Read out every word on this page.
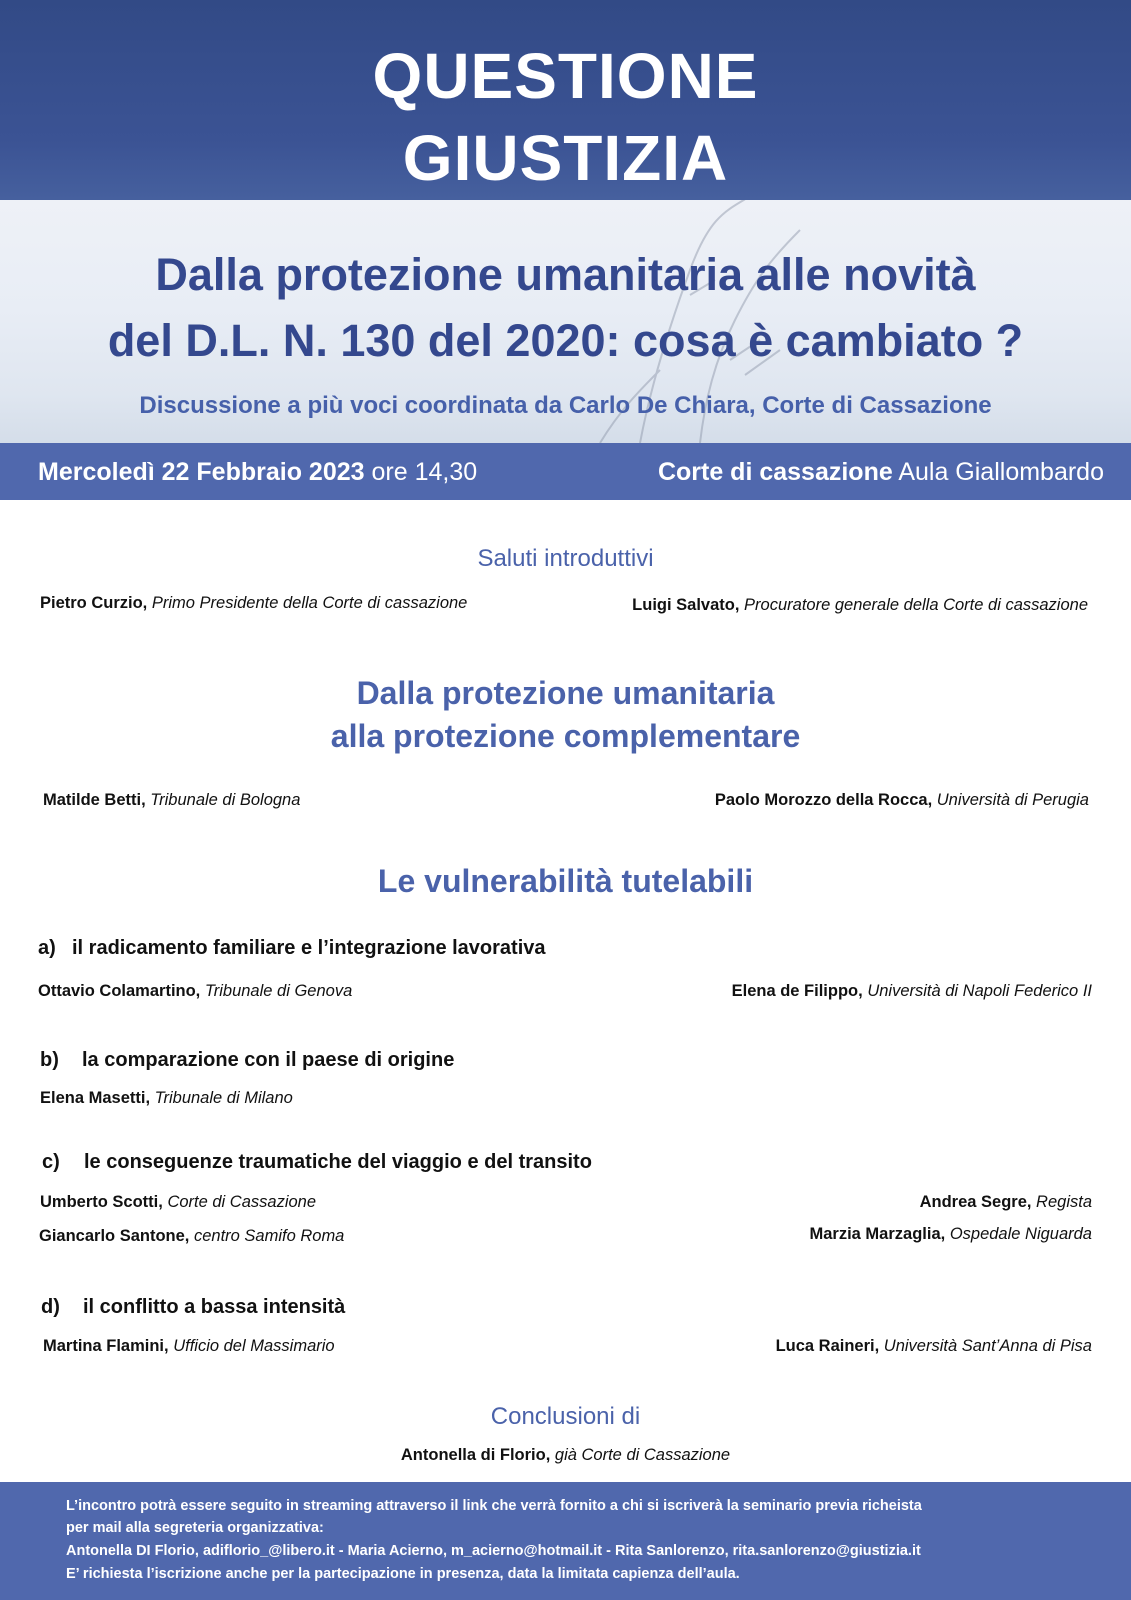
QUESTIONE
GIUSTIZIA
Dalla protezione umanitaria alle novità
del D.L. N. 130 del 2020: cosa è cambiato ?
Discussione a più voci coordinata da Carlo De Chiara, Corte di Cassazione
Mercoledì 22 Febbraio 2023 ore 14,30	Corte di cassazione Aula Giallombardo
Saluti introduttivi
Pietro Curzio, Primo Presidente della Corte di cassazione	Luigi Salvato, Procuratore generale della Corte di cassazione
Dalla protezione umanitaria
alla protezione complementare
Matilde Betti, Tribunale di Bologna	Paolo Morozzo della Rocca, Università di Perugia
Le vulnerabilità tutelabili
a) il radicamento familiare e l’integrazione lavorativa
Ottavio Colamartino, Tribunale di Genova	Elena de Filippo, Università di Napoli Federico II
b) la comparazione con il paese di origine
Elena Masetti, Tribunale di Milano
c) le conseguenze traumatiche del viaggio e del transito
Umberto Scotti, Corte di Cassazione	Andrea Segre, Regista
Giancarlo Santone, centro Samifo Roma	Marzia Marzaglia, Ospedale Niguarda
d) il conflitto a bassa intensità
Martina Flamini, Ufficio del Massimario	Luca Raineri, Università Sant’Anna di Pisa
Conclusioni di
Antonella di Florio, già Corte di Cassazione
L’incontro potrà essere seguito in streaming attraverso il link che verrà fornito a chi si iscriverà la seminario previa richeista
per mail alla segreteria organizzativa:
Antonella DI Florio, adiflorio_@libero.it - Maria Acierno, m_acierno@hotmail.it - Rita Sanlorenzo, rita.sanlorenzo@giustizia.it
E’ richiesta l’iscrizione anche per la partecipazione in presenza, data la limitata capienza dell’aula.
